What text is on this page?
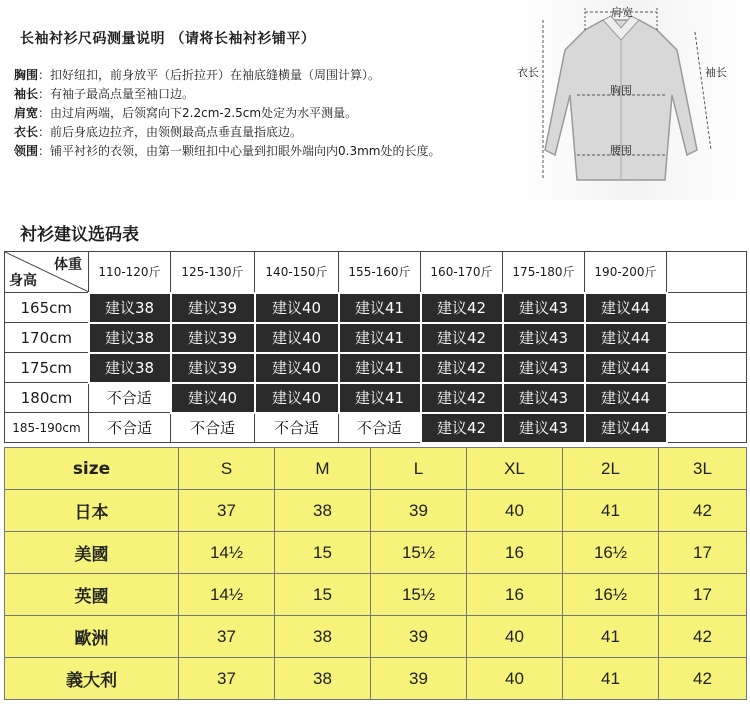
长袖衬衫尺码测量说明 （请将长袖衬衫铺平）
胸围：扣好纽扣，前身放平（后折拉开）在袖底缝横量（周围计算）。
袖长：有袖子最高点量至袖口边。
肩宽：由过肩两端，后领窝向下2.2cm-2.5cm处定为水平测量。
衣长：前后身底边拉齐，由领侧最高点垂直量指底边。
领围：铺平衬衫的衣领，由第一颗纽扣中心量到扣眼外端向内0.3mm处的长度。
肩宽
衣长	袖长
胸围
腰围
衬衫建议选码表
体重
身高	110-120斤	125-130斤	140-150斤	155-160斤	160-170斤	175-180斤	190-200斤	
165cm	建议38	建议39	建议40	建议41	建议42	建议43	建议44	
170cm	建议38	建议39	建议40	建议41	建议42	建议43	建议44	
175cm	建议38	建议39	建议40	建议41	建议42	建议43	建议44	
180cm	不合适	建议40	建议40	建议41	建议42	建议43	建议44	
185-190cm	不合适	不合适	不合适	不合适	建议42	建议43	建议44	
size	S	M	L	XL	2L	3L
日本	37	38	39	40	41	42
美國	14½	15	15½	16	16½	17
英國	14½	15	15½	16	16½	17
歐洲	37	38	39	40	41	42
義大利	37	38	39	40	41	42
